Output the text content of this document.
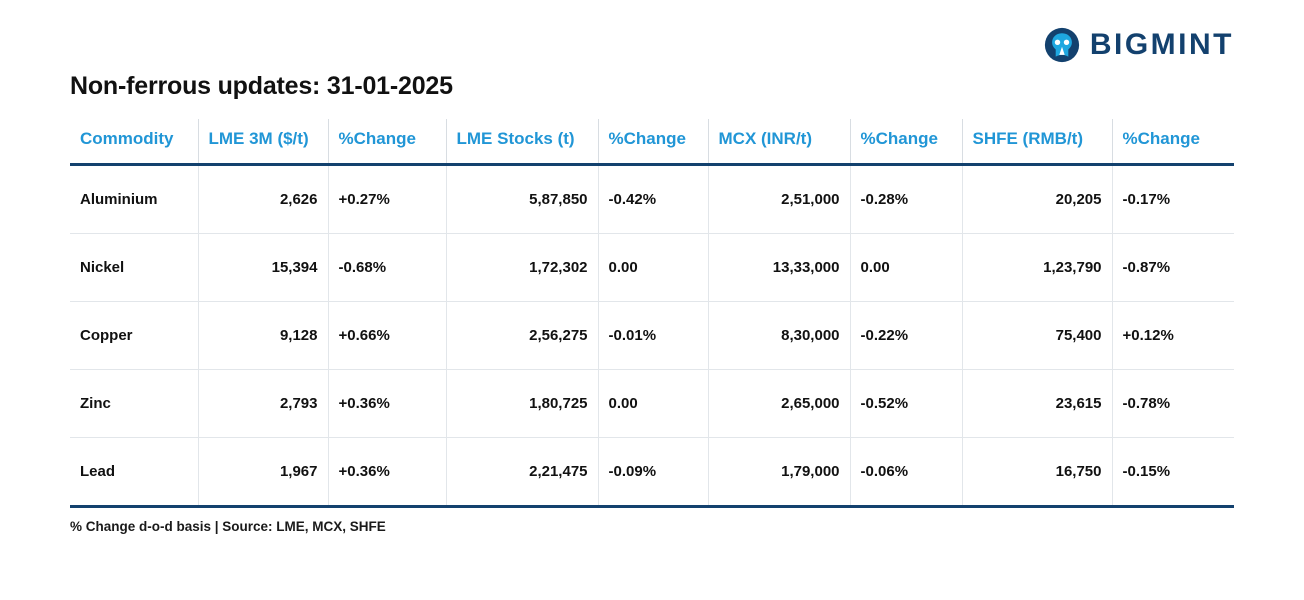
BIGMINT
Non-ferrous updates: 31-01-2025
Commodity	LME 3M ($/t)	%Change	LME Stocks (t)	%Change	MCX (INR/t)	%Change	SHFE (RMB/t)	%Change
Aluminium	2,626	+0.27%	5,87,850	-0.42%	2,51,000	-0.28%	20,205	-0.17%
Nickel	15,394	-0.68%	1,72,302	0.00	13,33,000	0.00	1,23,790	-0.87%
Copper	9,128	+0.66%	2,56,275	-0.01%	8,30,000	-0.22%	75,400	+0.12%
Zinc	2,793	+0.36%	1,80,725	0.00	2,65,000	-0.52%	23,615	-0.78%
Lead	1,967	+0.36%	2,21,475	-0.09%	1,79,000	-0.06%	16,750	-0.15%
% Change d-o-d basis | Source: LME, MCX, SHFE
